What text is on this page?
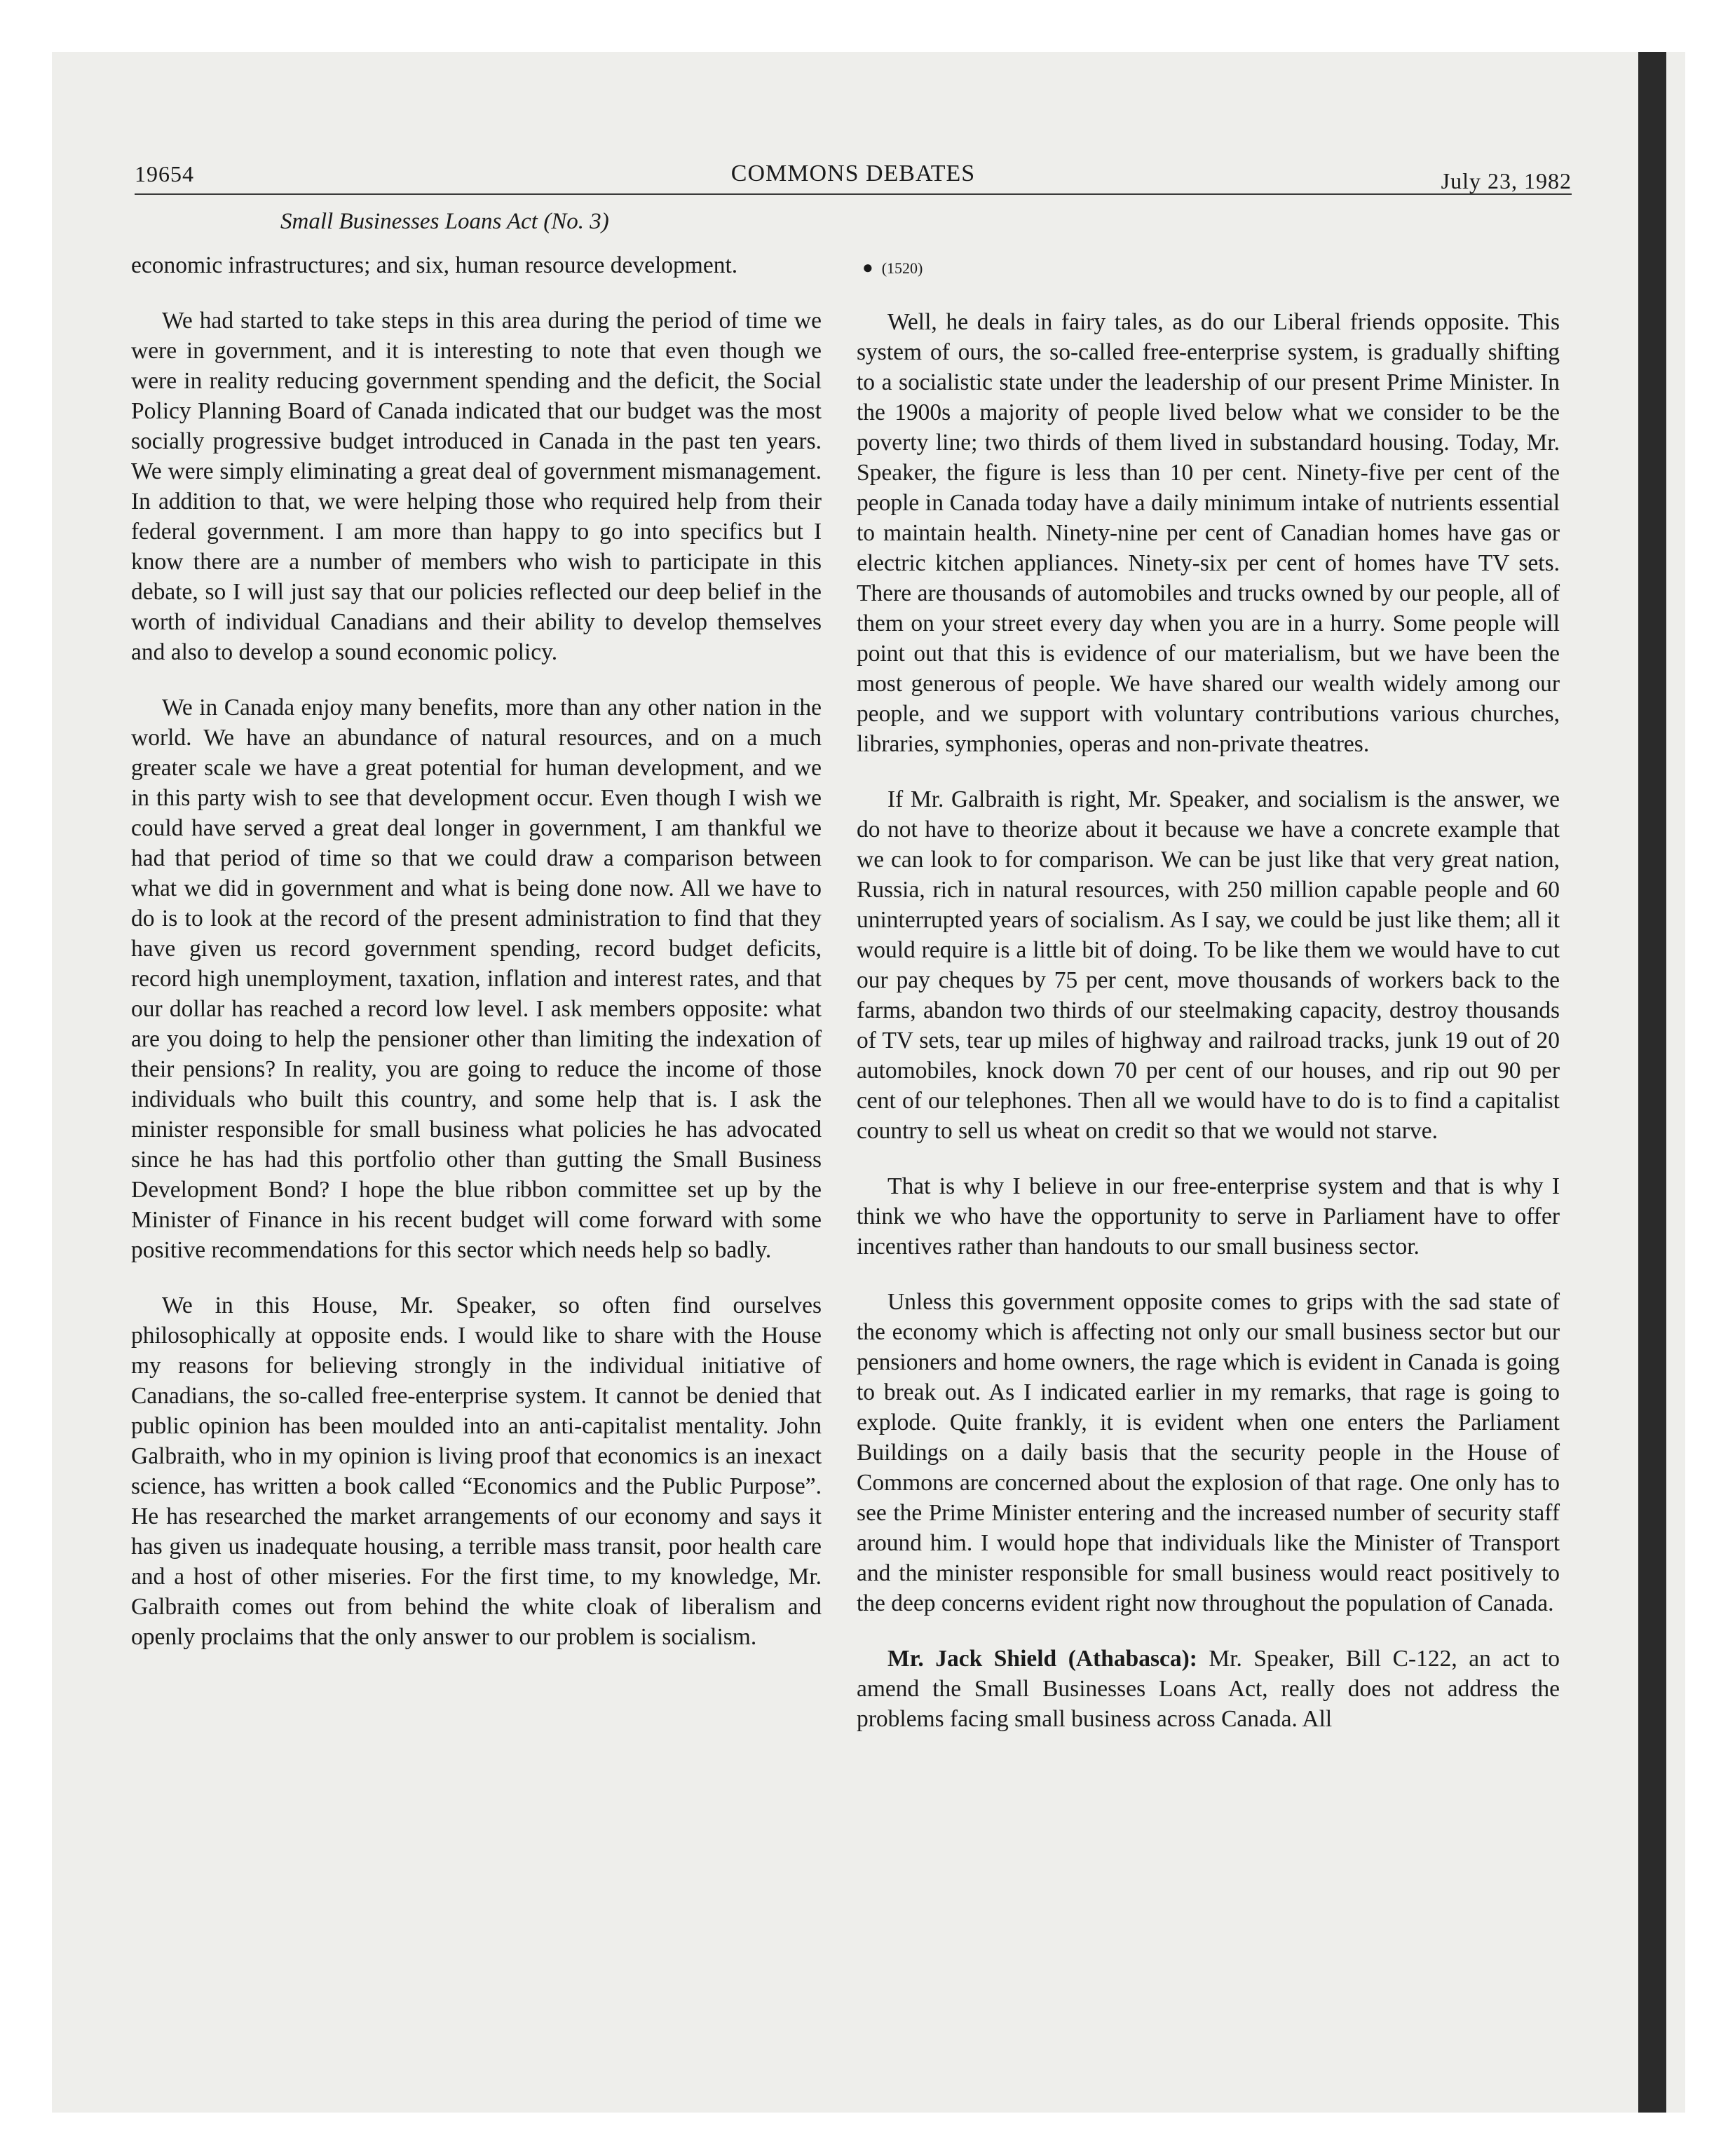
19654	COMMONS DEBATES	July 23, 1982
Small Businesses Loans Act (No. 3)

economic infrastructures; and six, human resource development.

We had started to take steps in this area during the period of time we were in government, and it is interesting to note that even though we were in reality reducing government spending and the deficit, the Social Policy Planning Board of Canada indicated that our budget was the most socially progressive budget introduced in Canada in the past ten years. We were simply eliminating a great deal of government mismanagement. In addition to that, we were helping those who required help from their federal government. I am more than happy to go into specifics but I know there are a number of members who wish to participate in this debate, so I will just say that our policies reflected our deep belief in the worth of individual Canadians and their ability to develop themselves and also to develop a sound economic policy.

We in Canada enjoy many benefits, more than any other nation in the world. We have an abundance of natural resources, and on a much greater scale we have a great potential for human development, and we in this party wish to see that development occur. Even though I wish we could have served a great deal longer in government, I am thankful we had that period of time so that we could draw a comparison between what we did in government and what is being done now. All we have to do is to look at the record of the present administration to find that they have given us record government spending, record budget deficits, record high unemployment, taxation, inflation and interest rates, and that our dollar has reached a record low level. I ask members opposite: what are you doing to help the pensioner other than limiting the indexation of their pensions? In reality, you are going to reduce the income of those individuals who built this country, and some help that is. I ask the minister responsible for small business what policies he has advocated since he has had this portfolio other than gutting the Small Business Development Bond? I hope the blue ribbon committee set up by the Minister of Finance in his recent budget will come forward with some positive recommendations for this sector which needs help so badly.

We in this House, Mr. Speaker, so often find ourselves philosophically at opposite ends. I would like to share with the House my reasons for believing strongly in the individual initiative of Canadians, the so-called free-enterprise system. It cannot be denied that public opinion has been moulded into an anti-capitalist mentality. John Galbraith, who in my opinion is living proof that economics is an inexact science, has written a book called “Economics and the Public Purpose”. He has researched the market arrangements of our economy and says it has given us inadequate housing, a terrible mass transit, poor health care and a host of other miseries. For the first time, to my knowledge, Mr. Galbraith comes out from behind the white cloak of liberalism and openly proclaims that the only answer to our problem is socialism.

● (1520)

Well, he deals in fairy tales, as do our Liberal friends opposite. This system of ours, the so-called free-enterprise system, is gradually shifting to a socialistic state under the leadership of our present Prime Minister. In the 1900s a majority of people lived below what we consider to be the poverty line; two thirds of them lived in substandard housing. Today, Mr. Speaker, the figure is less than 10 per cent. Ninety-five per cent of the people in Canada today have a daily minimum intake of nutrients essential to maintain health. Ninety-nine per cent of Canadian homes have gas or electric kitchen appliances. Ninety-six per cent of homes have TV sets. There are thousands of automobiles and trucks owned by our people, all of them on your street every day when you are in a hurry. Some people will point out that this is evidence of our materialism, but we have been the most generous of people. We have shared our wealth widely among our people, and we support with voluntary contributions various churches, libraries, symphonies, operas and non-private theatres.

If Mr. Galbraith is right, Mr. Speaker, and socialism is the answer, we do not have to theorize about it because we have a concrete example that we can look to for comparison. We can be just like that very great nation, Russia, rich in natural resources, with 250 million capable people and 60 uninterrupted years of socialism. As I say, we could be just like them; all it would require is a little bit of doing. To be like them we would have to cut our pay cheques by 75 per cent, move thousands of workers back to the farms, abandon two thirds of our steelmaking capacity, destroy thousands of TV sets, tear up miles of highway and railroad tracks, junk 19 out of 20 automobiles, knock down 70 per cent of our houses, and rip out 90 per cent of our telephones. Then all we would have to do is to find a capitalist country to sell us wheat on credit so that we would not starve.

That is why I believe in our free-enterprise system and that is why I think we who have the opportunity to serve in Parliament have to offer incentives rather than handouts to our small business sector.

Unless this government opposite comes to grips with the sad state of the economy which is affecting not only our small business sector but our pensioners and home owners, the rage which is evident in Canada is going to break out. As I indicated earlier in my remarks, that rage is going to explode. Quite frankly, it is evident when one enters the Parliament Buildings on a daily basis that the security people in the House of Commons are concerned about the explosion of that rage. One only has to see the Prime Minister entering and the increased number of security staff around him. I would hope that individuals like the Minister of Transport and the minister responsible for small business would react positively to the deep concerns evident right now throughout the population of Canada.

Mr. Jack Shield (Athabasca): Mr. Speaker, Bill C-122, an act to amend the Small Businesses Loans Act, really does not address the problems facing small business across Canada. All
